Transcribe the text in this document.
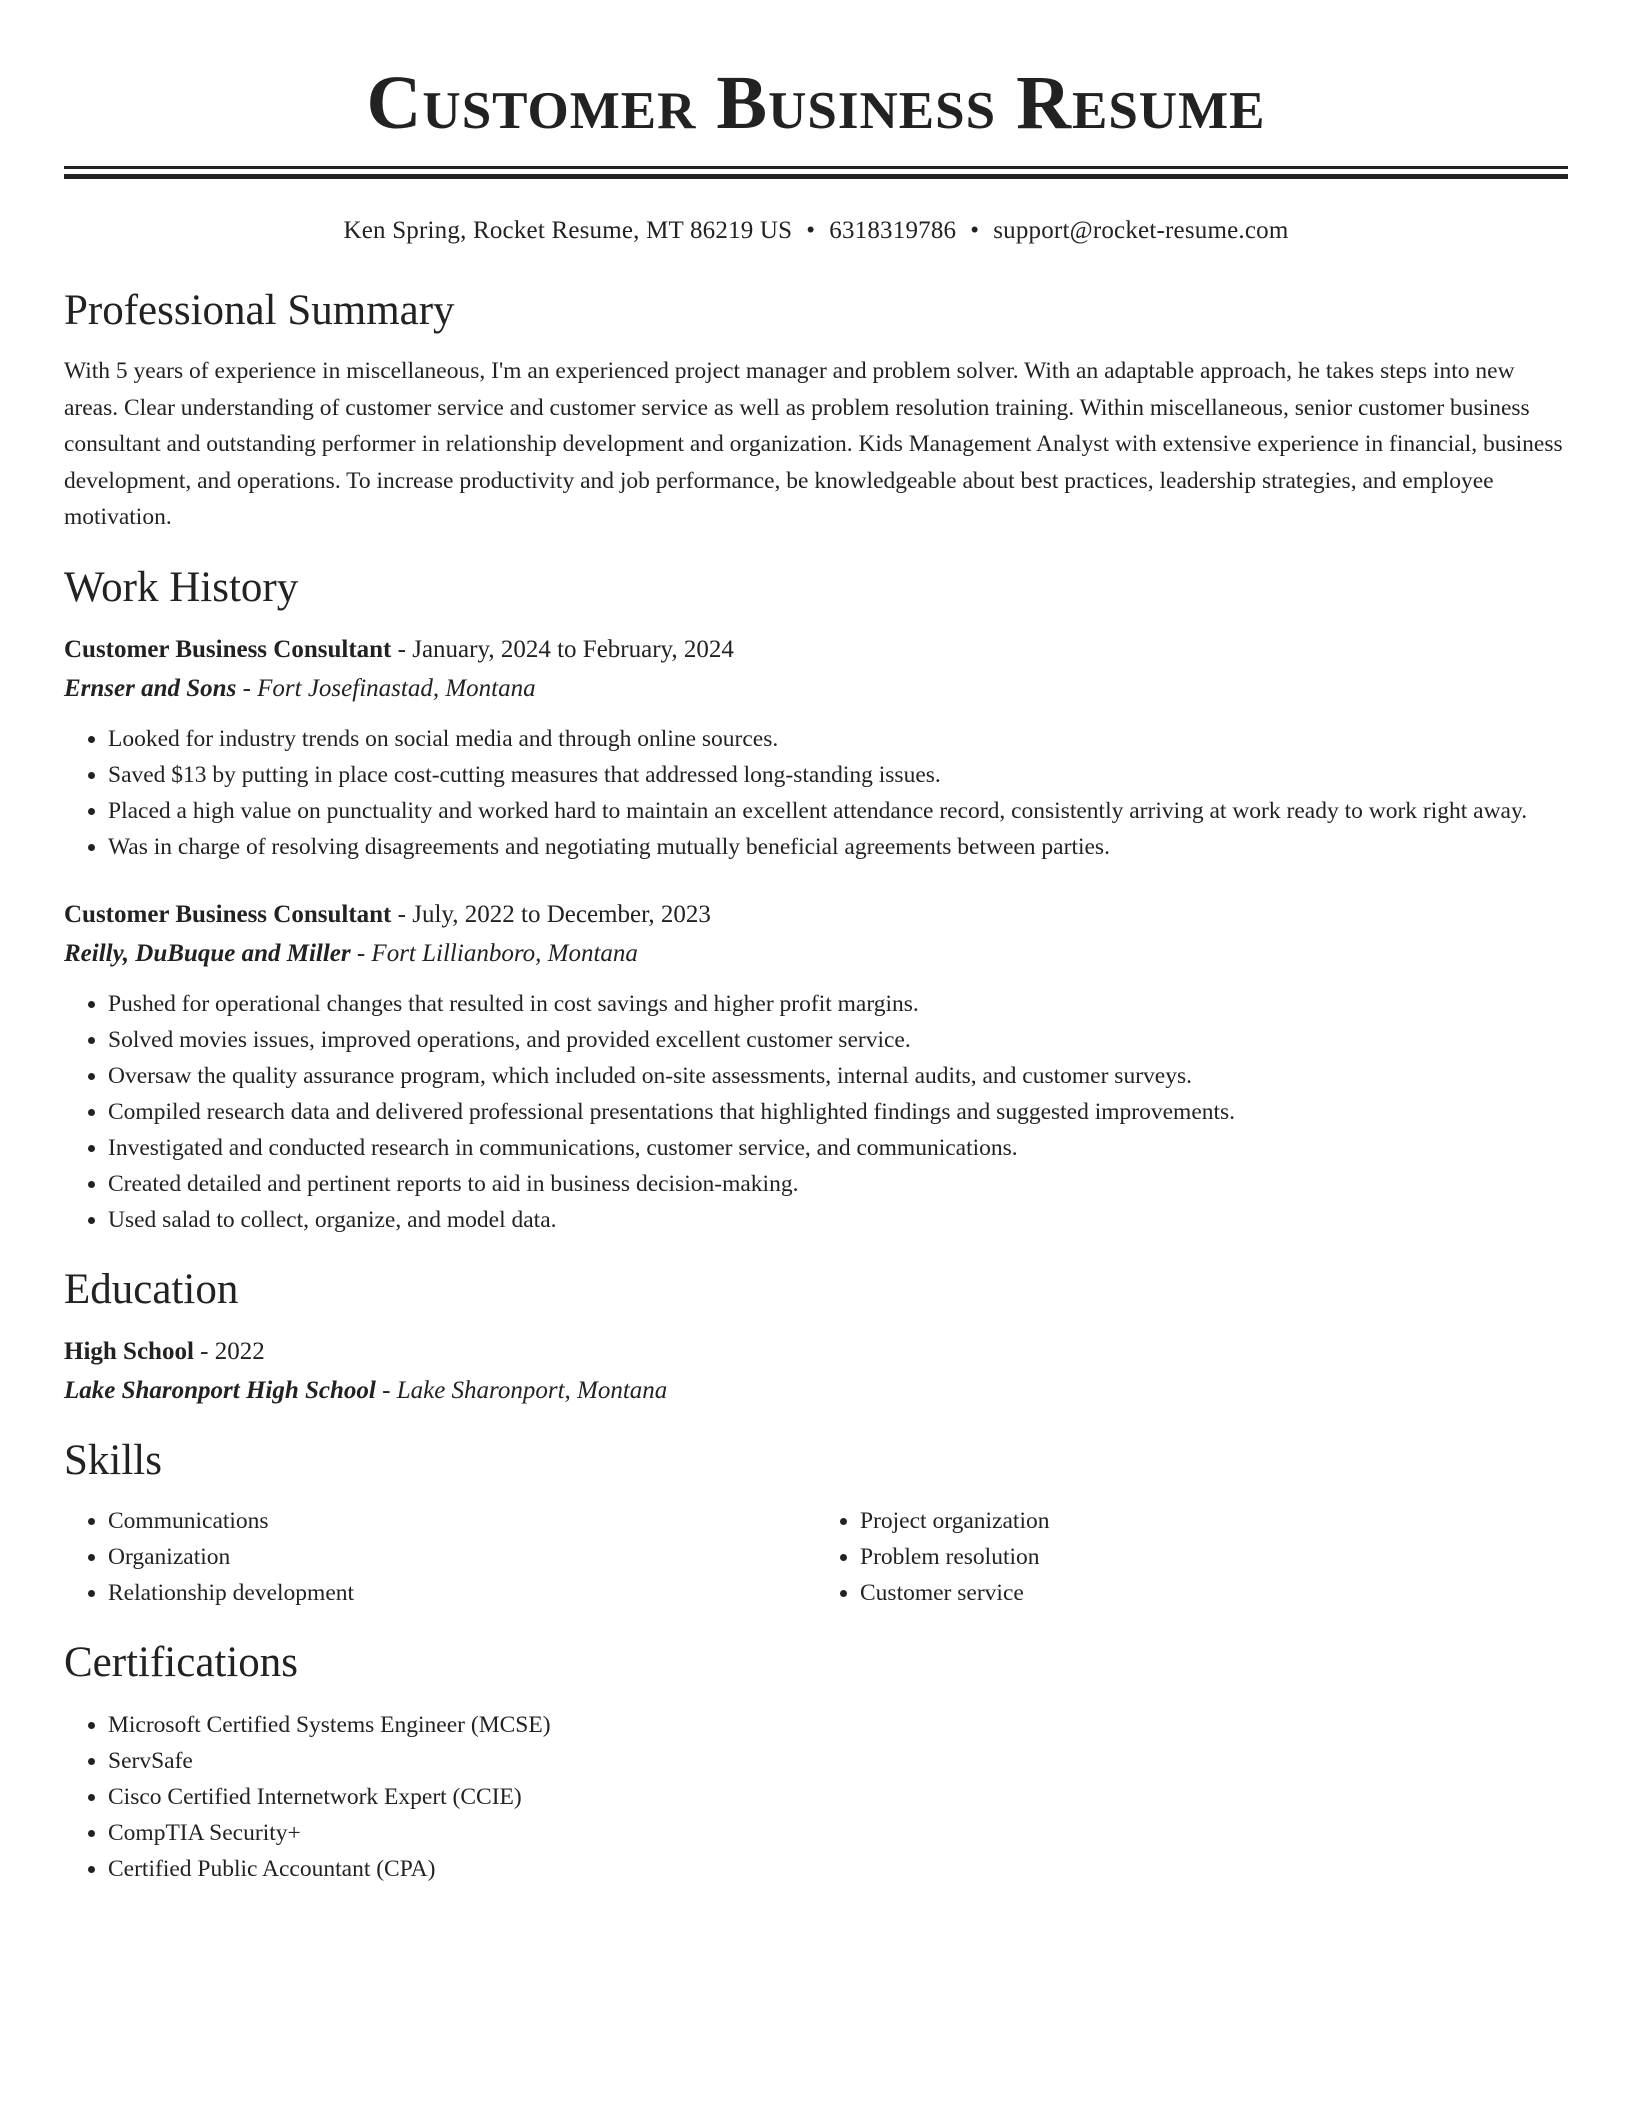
Customer Business Resume
Ken Spring, Rocket Resume, MT 86219 US • 6318319786 • support@rocket-resume.com
Professional Summary

With 5 years of experience in miscellaneous, I'm an experienced project manager and problem solver. With an adaptable approach, he takes steps into new areas. Clear understanding of customer service and customer service as well as problem resolution training. Within miscellaneous, senior customer business consultant and outstanding performer in relationship development and organization. Kids Management Analyst with extensive experience in financial, business development, and operations. To increase productivity and job performance, be knowledgeable about best practices, leadership strategies, and employee motivation.

Work History
Customer Business Consultant - January, 2024 to February, 2024
Ernser and Sons - Fort Josefinastad, Montana
• Looked for industry trends on social media and through online sources.
• Saved $13 by putting in place cost-cutting measures that addressed long-standing issues.
• Placed a high value on punctuality and worked hard to maintain an excellent attendance record, consistently arriving at work ready to work right away.
• Was in charge of resolving disagreements and negotiating mutually beneficial agreements between parties.
Customer Business Consultant - July, 2022 to December, 2023
Reilly, DuBuque and Miller - Fort Lillianboro, Montana
• Pushed for operational changes that resulted in cost savings and higher profit margins.
• Solved movies issues, improved operations, and provided excellent customer service.
• Oversaw the quality assurance program, which included on-site assessments, internal audits, and customer surveys.
• Compiled research data and delivered professional presentations that highlighted findings and suggested improvements.
• Investigated and conducted research in communications, customer service, and communications.
• Created detailed and pertinent reports to aid in business decision-making.
• Used salad to collect, organize, and model data.
Education
High School - 2022
Lake Sharonport High School - Lake Sharonport, Montana
Skills
• Communications
• Organization
• Relationship development
• Project organization
• Problem resolution
• Customer service
Certifications
• Microsoft Certified Systems Engineer (MCSE)
• ServSafe
• Cisco Certified Internetwork Expert (CCIE)
• CompTIA Security+
• Certified Public Accountant (CPA)
